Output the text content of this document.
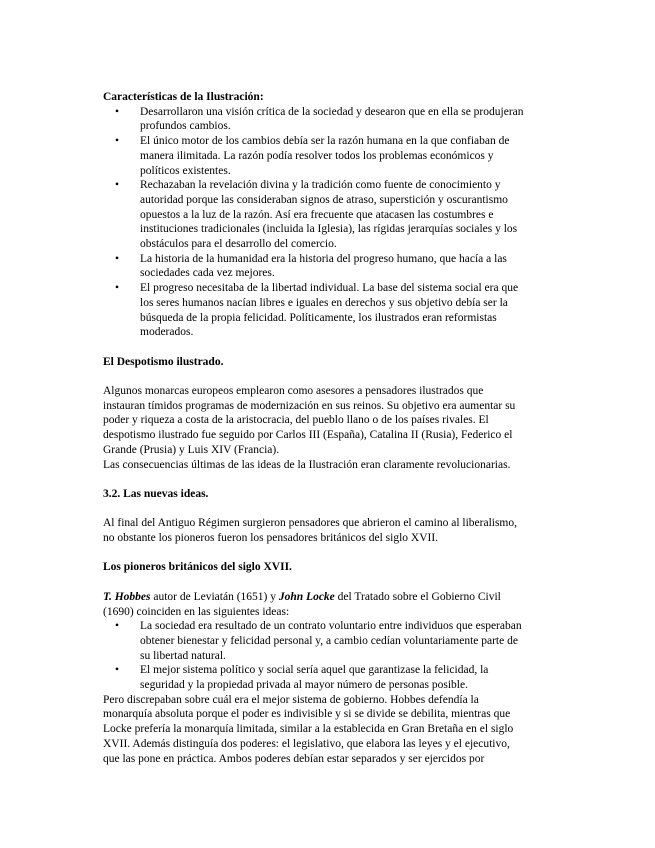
Características de la Ilustración:
• Desarrollaron una visión crítica de la sociedad y desearon que en ella se produjeran profundos cambios.
• El único motor de los cambios debía ser la razón humana en la que confiaban de manera ilimitada. La razón podía resolver todos los problemas económicos y políticos existentes.
• Rechazaban la revelación divina y la tradición como fuente de conocimiento y autoridad porque las consideraban signos de atraso, superstición y oscurantismo opuestos a la luz de la razón. Así era frecuente que atacasen las costumbres e instituciones tradicionales (incluida la Iglesia), las rígidas jerarquías sociales y los obstáculos para el desarrollo del comercio.
• La historia de la humanidad era la historia del progreso humano, que hacía a las sociedades cada vez mejores.
• El progreso necesitaba de la libertad individual. La base del sistema social era que los seres humanos nacían libres e iguales en derechos y sus objetivo debía ser la búsqueda de la propia felicidad. Políticamente, los ilustrados eran reformistas moderados.
El Despotismo ilustrado.

Algunos monarcas europeos emplearon como asesores a pensadores ilustrados que instauran tímidos programas de modernización en sus reinos. Su objetivo era aumentar su poder y riqueza a costa de la aristocracia, del pueblo llano o de los países rivales. El despotismo ilustrado fue seguido por Carlos III (España), Catalina II (Rusia), Federico el Grande (Prusia) y Luis XIV (Francia).

Las consecuencias últimas de las ideas de la Ilustración eran claramente revolucionarias.

3.2. Las nuevas ideas.

Al final del Antiguo Régimen surgieron pensadores que abrieron el camino al liberalismo, no obstante los pioneros fueron los pensadores británicos del siglo XVII.

Los pioneros británicos del siglo XVII.

T. Hobbes autor de Leviatán (1651) y John Locke del Tratado sobre el Gobierno Civil (1690) coinciden en las siguientes ideas:

• La sociedad era resultado de un contrato voluntario entre individuos que esperaban obtener bienestar y felicidad personal y, a cambio cedían voluntariamente parte de su libertad natural.
• El mejor sistema político y social sería aquel que garantizase la felicidad, la seguridad y la propiedad privada al mayor número de personas posible.

Pero discrepaban sobre cuál era el mejor sistema de gobierno. Hobbes defendía la monarquía absoluta porque el poder es indivisible y si se divide se debilita, mientras que Locke prefería la monarquía limitada, similar a la establecida en Gran Bretaña en el siglo XVII. Además distinguía dos poderes: el legislativo, que elabora las leyes y el ejecutivo, que las pone en práctica. Ambos poderes debían estar separados y ser ejercidos por
